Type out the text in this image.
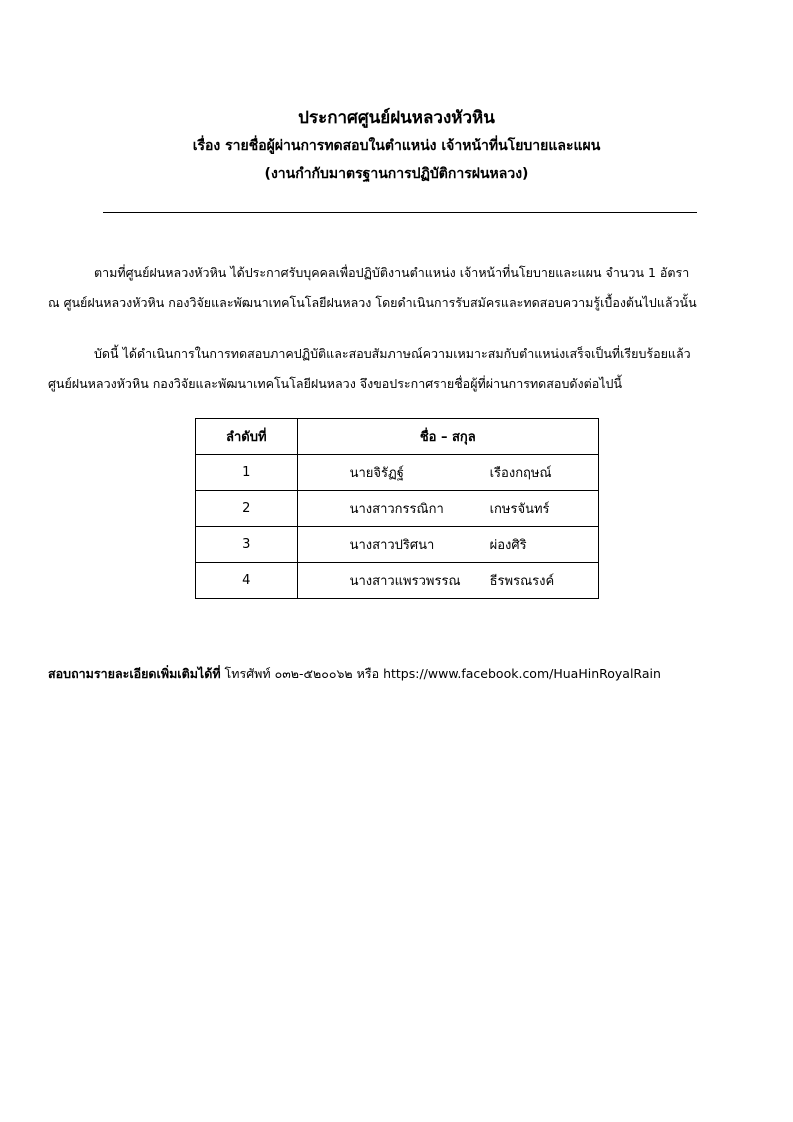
ประกาศศูนย์ฝนหลวงหัวหิน

เรื่อง รายชื่อผู้ผ่านการทดสอบในตำแหน่ง เจ้าหน้าที่นโยบายและแผน

(งานกำกับมาตรฐานการปฏิบัติการฝนหลวง)

ตามที่ศูนย์ฝนหลวงหัวหิน ได้ประกาศรับบุคคลเพื่อปฏิบัติงานตำแหน่ง เจ้าหน้าที่นโยบายและแผน จำนวน 1 อัตรา
ณ ศูนย์ฝนหลวงหัวหิน กองวิจัยและพัฒนาเทคโนโลยีฝนหลวง โดยดำเนินการรับสมัครและทดสอบความรู้เบื้องต้นไปแล้วนั้น

บัดนี้ ได้ดำเนินการในการทดสอบภาคปฏิบัติและสอบสัมภาษณ์ความเหมาะสมกับตำแหน่งเสร็จเป็นที่เรียบร้อยแล้ว
ศูนย์ฝนหลวงหัวหิน กองวิจัยและพัฒนาเทคโนโลยีฝนหลวง จึงขอประกาศรายชื่อผู้ที่ผ่านการทดสอบดังต่อไปนี้

ลำดับที่	ชื่อ – สกุล
1	นายจิรัฏฐ์ เรืองกฤษณ์
2	นางสาวกรรณิกา เกษรจันทร์
3	นางสาวปริศนา ผ่องศิริ
4	นางสาวแพรวพรรณ ธีรพรณรงค์
สอบถามรายละเอียดเพิ่มเติมได้ที่ โทรศัพท์ ๐๓๒-๕๒๐๐๖๒ หรือ https://www.facebook.com/HuaHinRoyalRain
